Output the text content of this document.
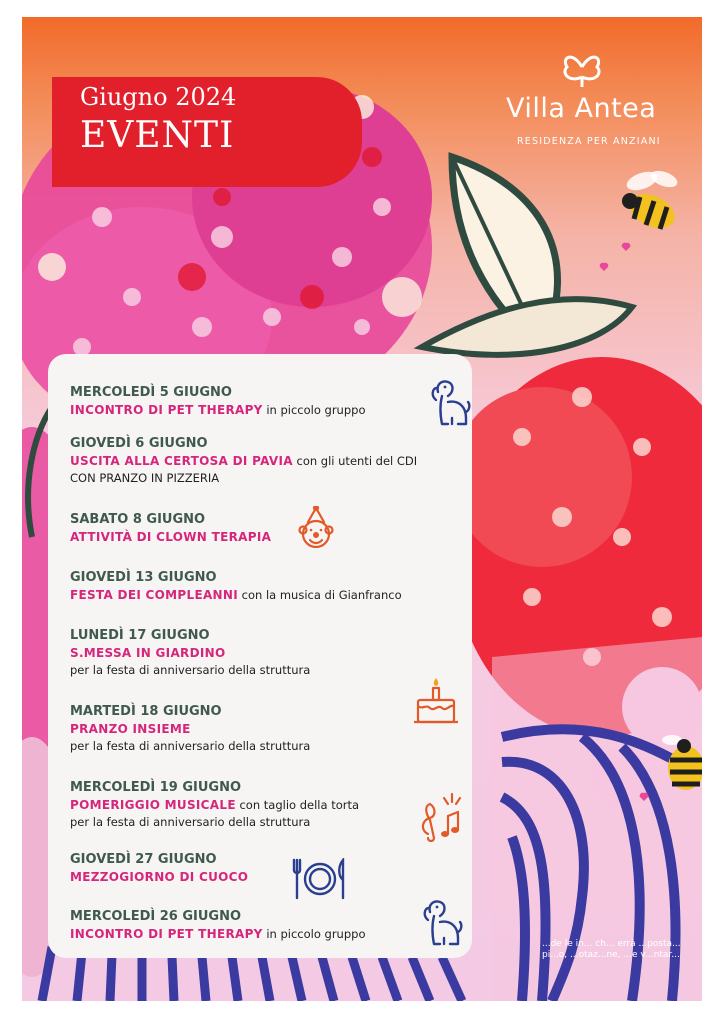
Villa Antea
RESIDENZA PER ANZIANI
Giugno 2024
EVENTI
...de le in... ch... errà ...posta... pi...o, ...otaz...ne, ...e v...ntar...

MERCOLEDÌ 5 GIUGNO

INCONTRO DI PET THERAPY in piccolo gruppo

GIOVEDÌ 6 GIUGNO

USCITA ALLA CERTOSA DI PAVIA con gli utenti del CDI

CON PRANZO IN PIZZERIA

SABATO 8 GIUGNO

ATTIVITÀ DI CLOWN TERAPIA

GIOVEDÌ 13 GIUGNO

FESTA DEI COMPLEANNI con la musica di Gianfranco

LUNEDÌ 17 GIUGNO

S.MESSA IN GIARDINO

per la festa di anniversario della struttura

MARTEDÌ 18 GIUGNO

PRANZO INSIEME

per la festa di anniversario della struttura

MERCOLEDÌ 19 GIUGNO

POMERIGGIO MUSICALE con taglio della torta

per la festa di anniversario della struttura

GIOVEDÌ 27 GIUGNO

MEZZOGIORNO DI CUOCO

MERCOLEDÌ 26 GIUGNO

INCONTRO DI PET THERAPY in piccolo gruppo
